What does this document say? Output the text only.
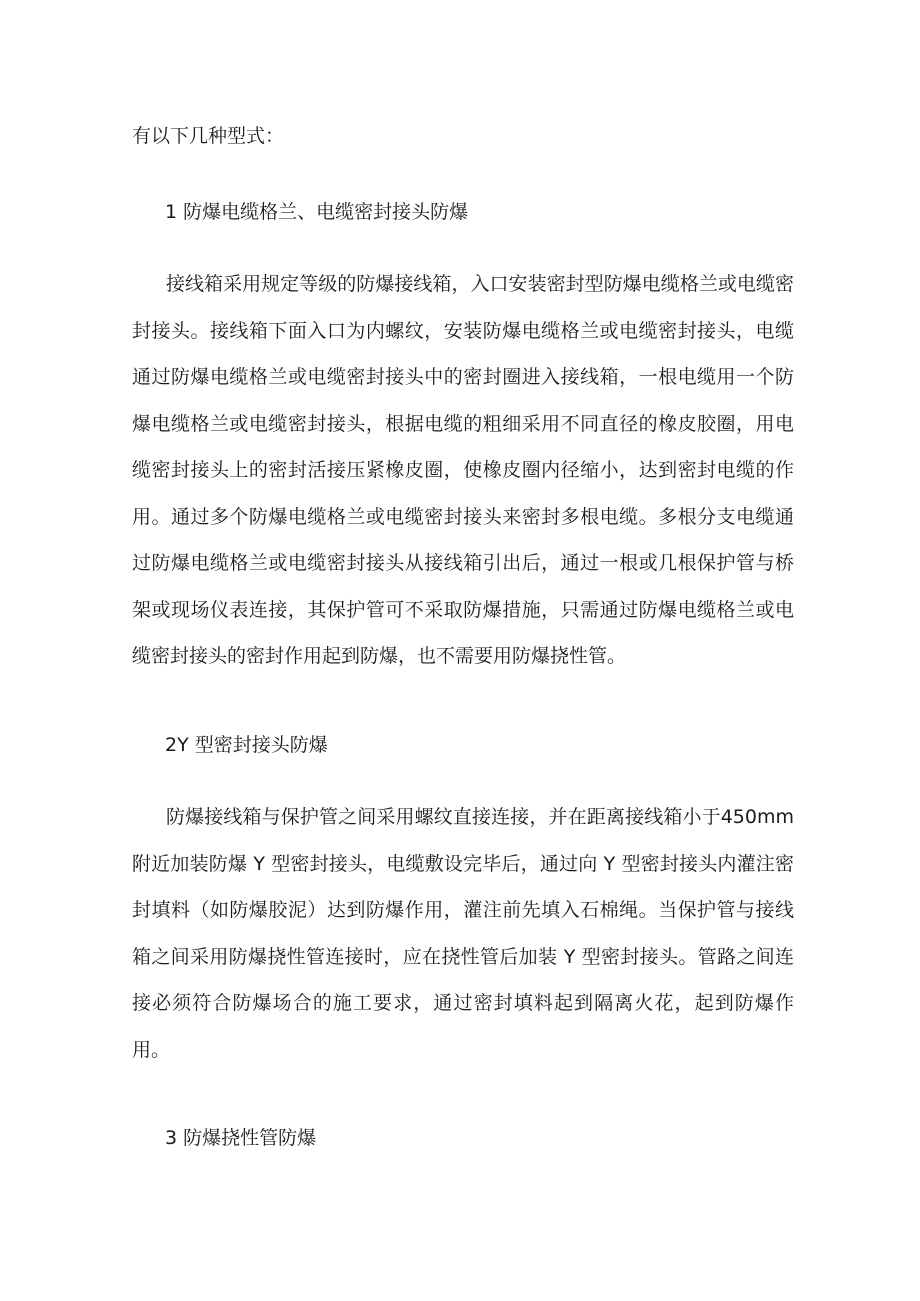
有以下几种型式：

1 防爆电缆格兰、电缆密封接头防爆

接线箱采用规定等级的防爆接线箱，入口安装密封型防爆电缆格兰或电缆密封接头。接线箱下面入口为内螺纹，安装防爆电缆格兰或电缆密封接头，电缆通过防爆电缆格兰或电缆密封接头中的密封圈进入接线箱，一根电缆用一个防爆电缆格兰或电缆密封接头，根据电缆的粗细采用不同直径的橡皮胶圈，用电缆密封接头上的密封活接压紧橡皮圈，使橡皮圈内径缩小，达到密封电缆的作用。通过多个防爆电缆格兰或电缆密封接头来密封多根电缆。多根分支电缆通过防爆电缆格兰或电缆密封接头从接线箱引出后，通过一根或几根保护管与桥架或现场仪表连接，其保护管可不采取防爆措施，只需通过防爆电缆格兰或电缆密封接头的密封作用起到防爆，也不需要用防爆挠性管。

2Y 型密封接头防爆

防爆接线箱与保护管之间采用螺纹直接连接，并在距离接线箱小于450mm 附近加装防爆 Y 型密封接头，电缆敷设完毕后，通过向 Y 型密封接头内灌注密封填料（如防爆胶泥）达到防爆作用，灌注前先填入石棉绳。当保护管与接线箱之间采用防爆挠性管连接时，应在挠性管后加装 Y 型密封接头。管路之间连接必须符合防爆场合的施工要求，通过密封填料起到隔离火花，起到防爆作用。

3 防爆挠性管防爆
